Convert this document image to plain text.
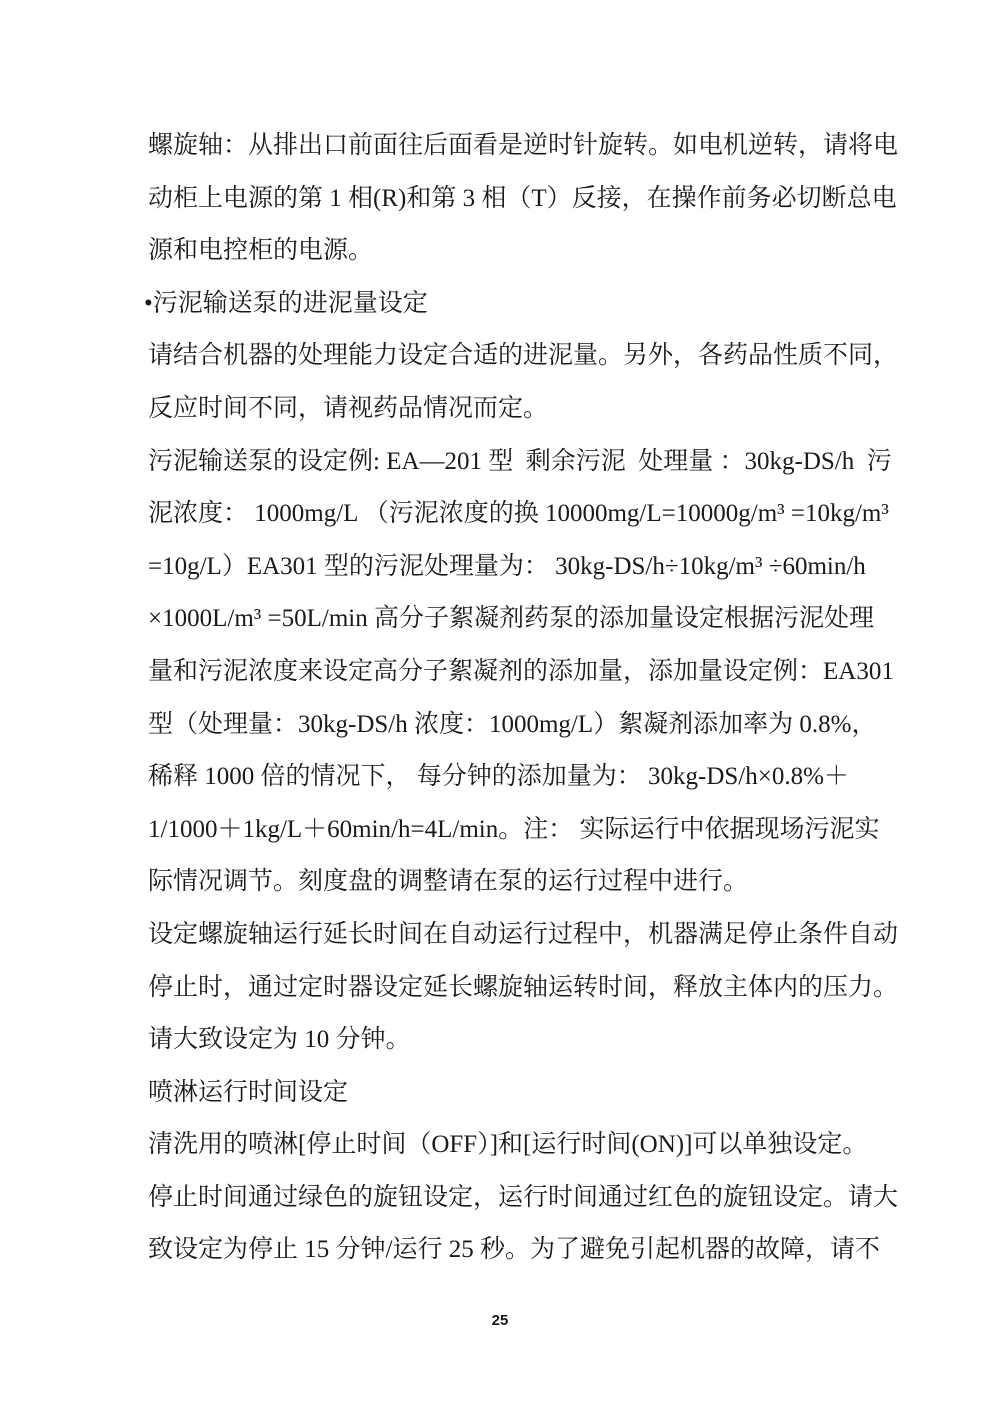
螺旋轴：从排出口前面往后面看是逆时针旋转。如电机逆转，请将电
动柜上电源的第 1 相(R)和第 3 相（T）反接，在操作前务必切断总电
源和电控柜的电源。
•污泥输送泵的进泥量设定
请结合机器的处理能力设定合适的进泥量。另外，各药品性质不同，
反应时间不同，请视药品情况而定。
污泥输送泵的设定例: EA—201 型  剩余污泥  处理量 ：30kg-DS/h  污
泥浓度： 1000mg/L （污泥浓度的换 10000mg/L=10000g/m³ =10kg/m³
=10g/L）EA301 型的污泥处理量为： 30kg-DS/h÷10kg/m³ ÷60min/h
×1000L/m³ =50L/min 高分子絮凝剂药泵的添加量设定根据污泥处理
量和污泥浓度来设定高分子絮凝剂的添加量，添加量设定例：EA301
型（处理量：30kg-DS/h 浓度：1000mg/L）絮凝剂添加率为 0.8%，
稀释 1000 倍的情况下， 每分钟的添加量为： 30kg-DS/h×0.8%＋
1/1000＋1kg/L＋60min/h=4L/min。注： 实际运行中依据现场污泥实
际情况调节。刻度盘的调整请在泵的运行过程中进行。
设定螺旋轴运行延长时间在自动运行过程中，机器满足停止条件自动
停止时，通过定时器设定延长螺旋轴运转时间，释放主体内的压力。
请大致设定为 10 分钟。
喷淋运行时间设定
清洗用的喷淋[停止时间（OFF）]和[运行时间(ON)]可以单独设定。
停止时间通过绿色的旋钮设定，运行时间通过红色的旋钮设定。请大
致设定为停止 15 分钟/运行 25 秒。为了避免引起机器的故障，请不
25
